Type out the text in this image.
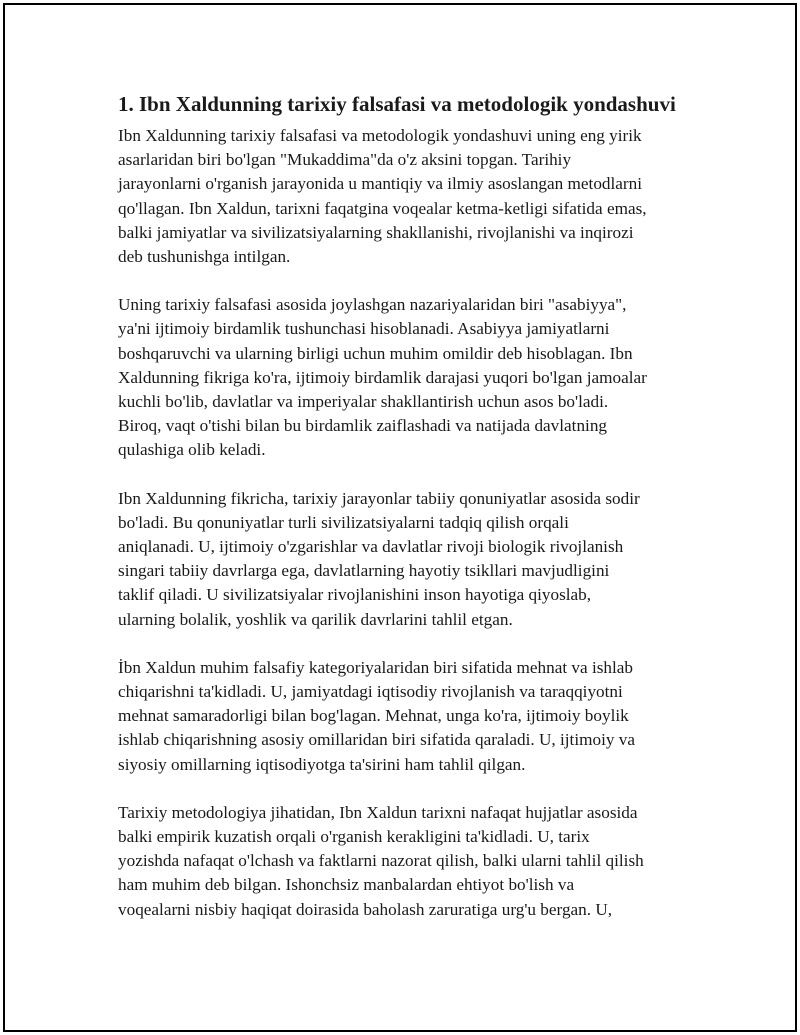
1. Ibn Xaldunning tarixiy falsafasi va metodologik yondashuvi
Ibn Xaldunning tarixiy falsafasi va metodologik yondashuvi uning eng yirik
asarlaridan biri bo'lgan "Mukaddima"da o'z aksini topgan. Tarihiy
jarayonlarni o'rganish jarayonida u mantiqiy va ilmiy asoslangan metodlarni
qo'llagan. Ibn Xaldun, tarixni faqatgina voqealar ketma-ketligi sifatida emas,
balki jamiyatlar va sivilizatsiyalarning shakllanishi, rivojlanishi va inqirozi
deb tushunishga intilgan.
Uning tarixiy falsafasi asosida joylashgan nazariyalaridan biri "asabiyya",
ya'ni ijtimoiy birdamlik tushunchasi hisoblanadi. Asabiyya jamiyatlarni
boshqaruvchi va ularning birligi uchun muhim omildir deb hisoblagan. Ibn
Xaldunning fikriga ko'ra, ijtimoiy birdamlik darajasi yuqori bo'lgan jamoalar
kuchli bo'lib, davlatlar va imperiyalar shakllantirish uchun asos bo'ladi.
Biroq, vaqt o'tishi bilan bu birdamlik zaiflashadi va natijada davlatning
qulashiga olib keladi.
Ibn Xaldunning fikricha, tarixiy jarayonlar tabiiy qonuniyatlar asosida sodir
bo'ladi. Bu qonuniyatlar turli sivilizatsiyalarni tadqiq qilish orqali
aniqlanadi. U, ijtimoiy o'zgarishlar va davlatlar rivoji biologik rivojlanish
singari tabiiy davrlarga ega, davlatlarning hayotiy tsikllari mavjudligini
taklif qiladi. U sivilizatsiyalar rivojlanishini inson hayotiga qiyoslab,
ularning bolalik, yoshlik va qarilik davrlarini tahlil etgan.
İbn Xaldun muhim falsafiy kategoriyalaridan biri sifatida mehnat va ishlab
chiqarishni ta'kidladi. U, jamiyatdagi iqtisodiy rivojlanish va taraqqiyotni
mehnat samaradorligi bilan bog'lagan. Mehnat, unga ko'ra, ijtimoiy boylik
ishlab chiqarishning asosiy omillaridan biri sifatida qaraladi. U, ijtimoiy va
siyosiy omillarning iqtisodiyotga ta'sirini ham tahlil qilgan.
Tarixiy metodologiya jihatidan, Ibn Xaldun tarixni nafaqat hujjatlar asosida
balki empirik kuzatish orqali o'rganish kerakligini ta'kidladi. U, tarix
yozishda nafaqat o'lchash va faktlarni nazorat qilish, balki ularni tahlil qilish
ham muhim deb bilgan. Ishonchsiz manbalardan ehtiyot bo'lish va
voqealarni nisbiy haqiqat doirasida baholash zaruratiga urg'u bergan. U,
